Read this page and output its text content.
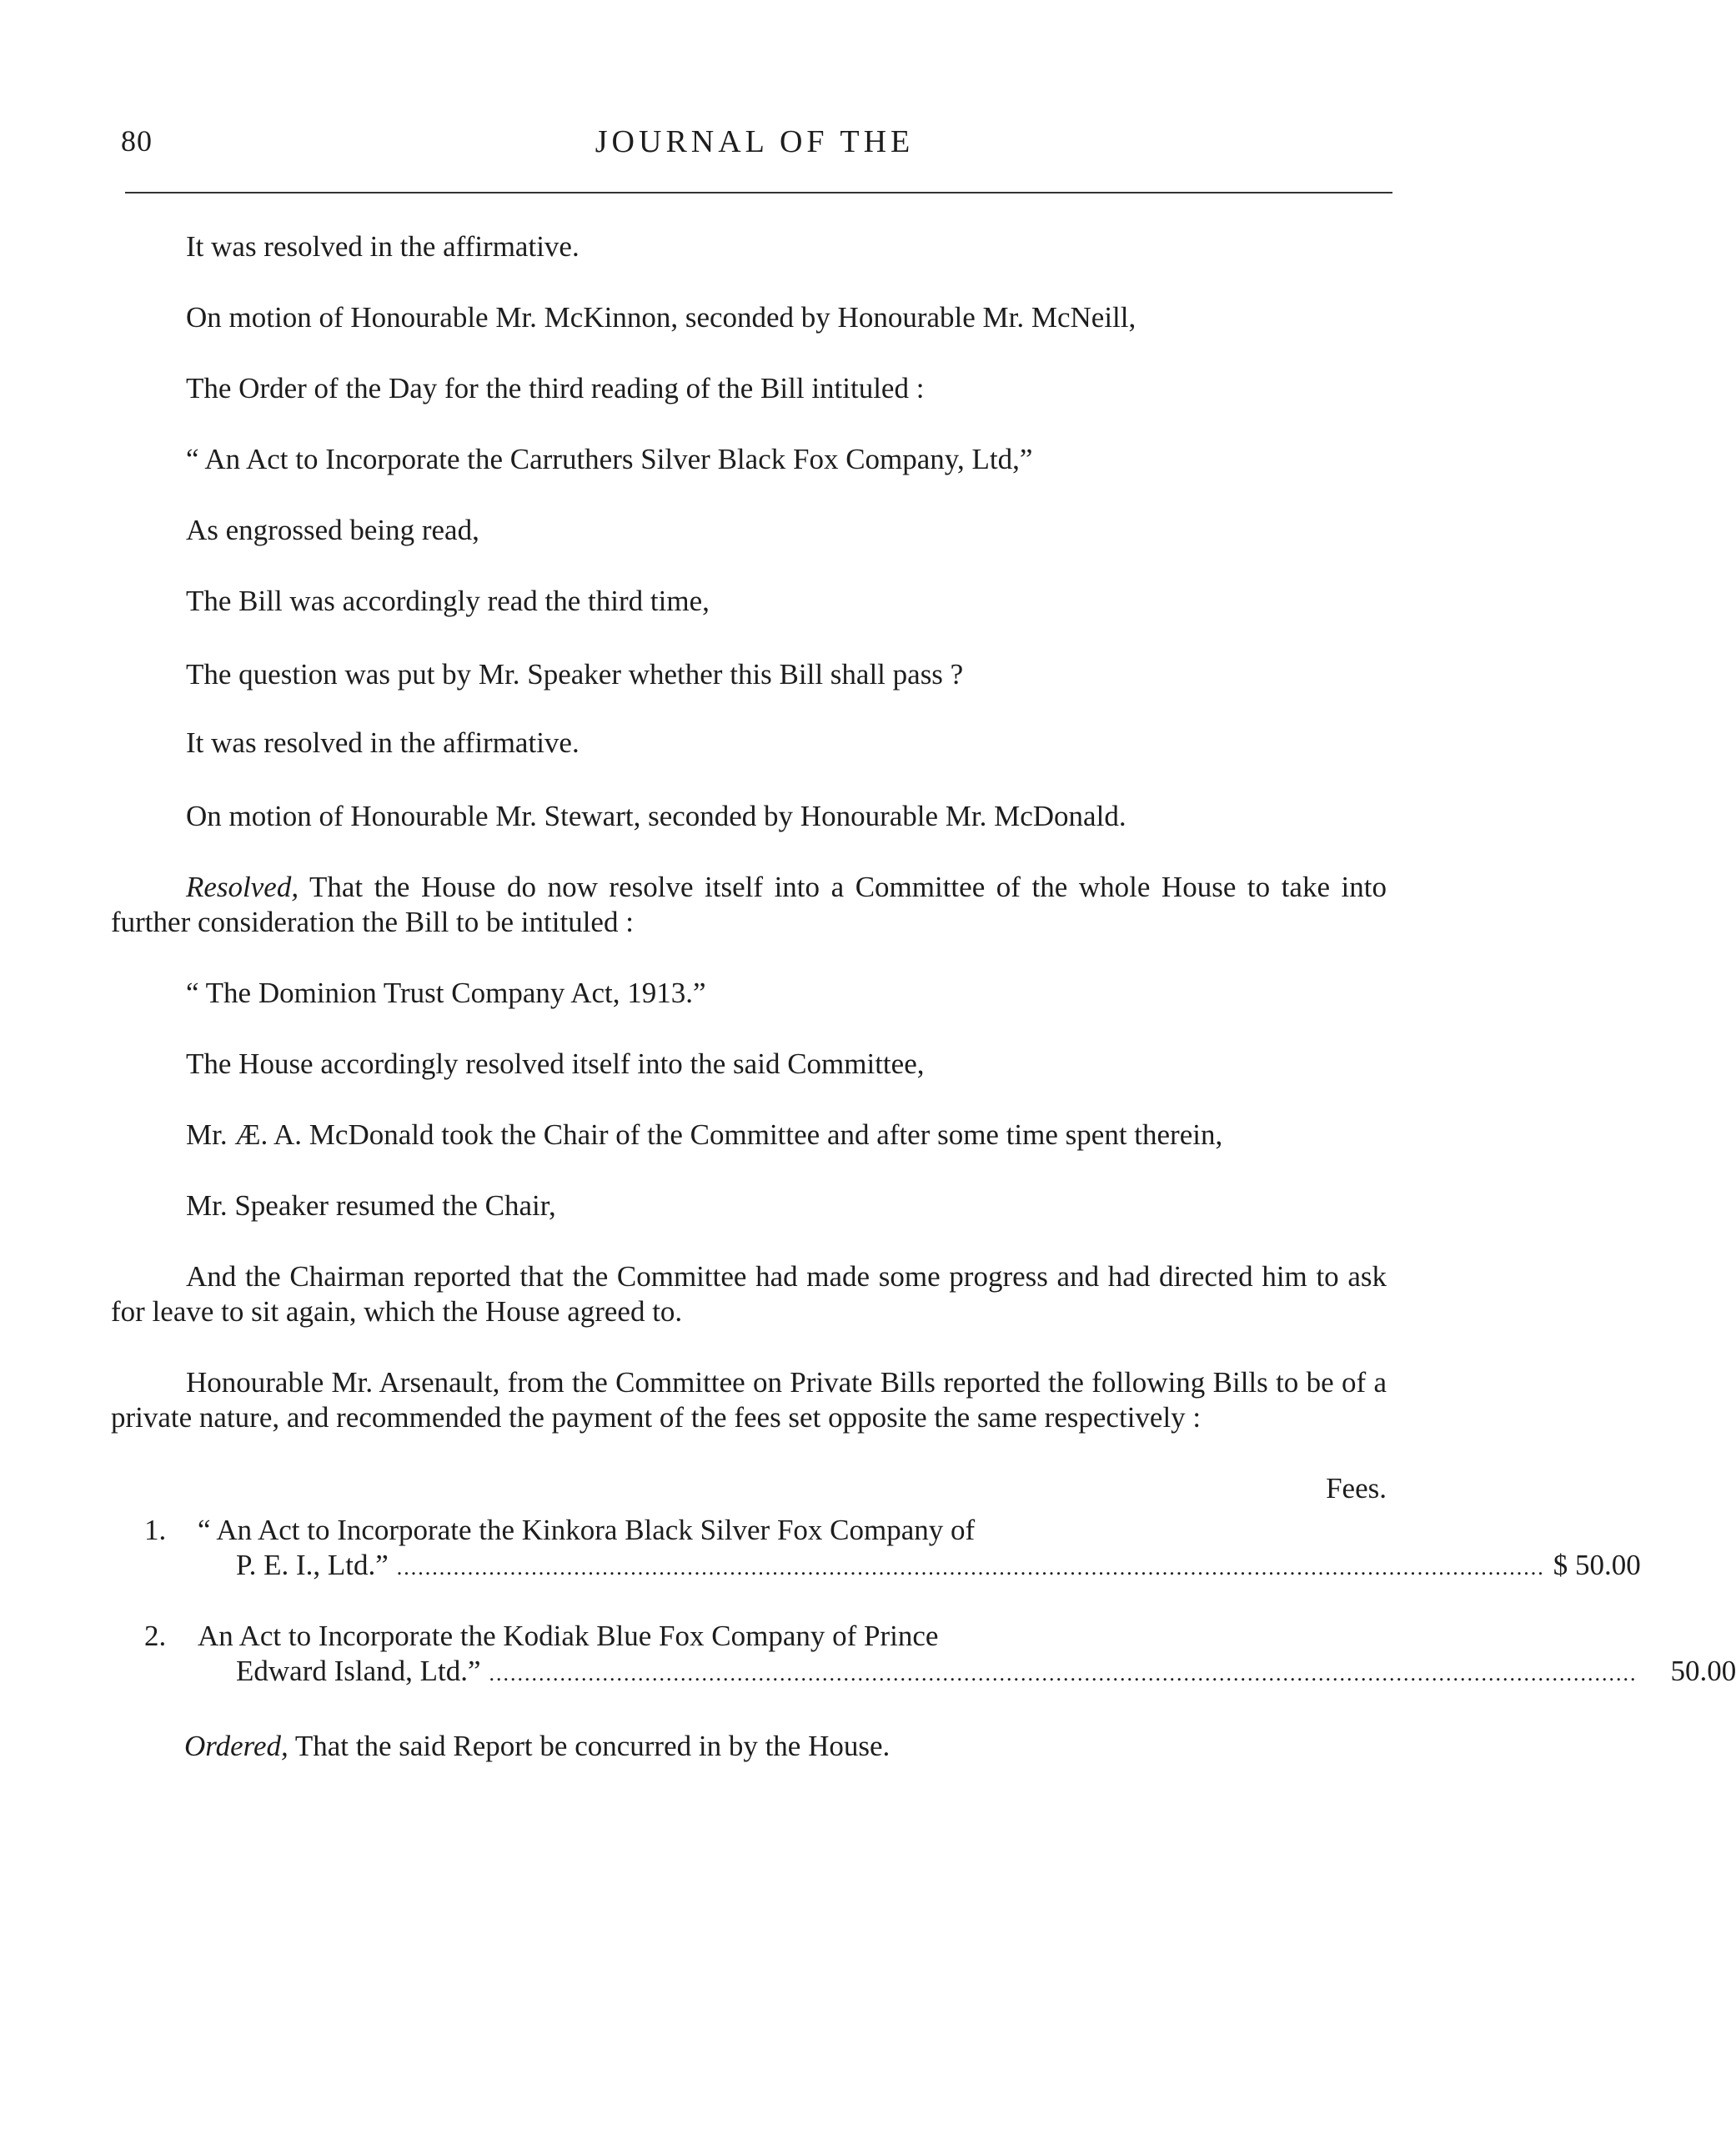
80	JOURNAL OF THE

It was resolved in the affirmative.

On motion of Honourable Mr. McKinnon, seconded by Honourable Mr. McNeill,

The Order of the Day for the third reading of the Bill intituled :

“ An Act to Incorporate the Carruthers Silver Black Fox Company, Ltd,”

As engrossed being read,

The Bill was accordingly read the third time,

The question was put by Mr. Speaker whether this Bill shall pass ?

It was resolved in the affirmative.

On motion of Honourable Mr. Stewart, seconded by Honourable Mr. McDonald.

Resolved, That the House do now resolve itself into a Committee of the whole House to take into further consideration the Bill to be intituled :

“ The Dominion Trust Company Act, 1913.”

The House accordingly resolved itself into the said Committee,

Mr. Æ. A. McDonald took the Chair of the Committee and after some time spent therein,

Mr. Speaker resumed the Chair,

And the Chairman reported that the Committee had made some progress and had directed him to ask for leave to sit again, which the House agreed to.

Honourable Mr. Arsenault, from the Committee on Private Bills reported the following Bills to be of a private nature, and recommended the payment of the fees set opposite the same respectively :

Fees.
1.	“ An Act to Incorporate the Kinkora Black Silver Fox Company of
P. E. I., Ltd.” .................................................................................................................................................................. $ 50.00
2.	An Act to Incorporate the Kodiak Blue Fox Company of Prince
Edward Island, Ltd.” ..................................................................................................................................................................	50.00

Ordered, That the said Report be concurred in by the House.
